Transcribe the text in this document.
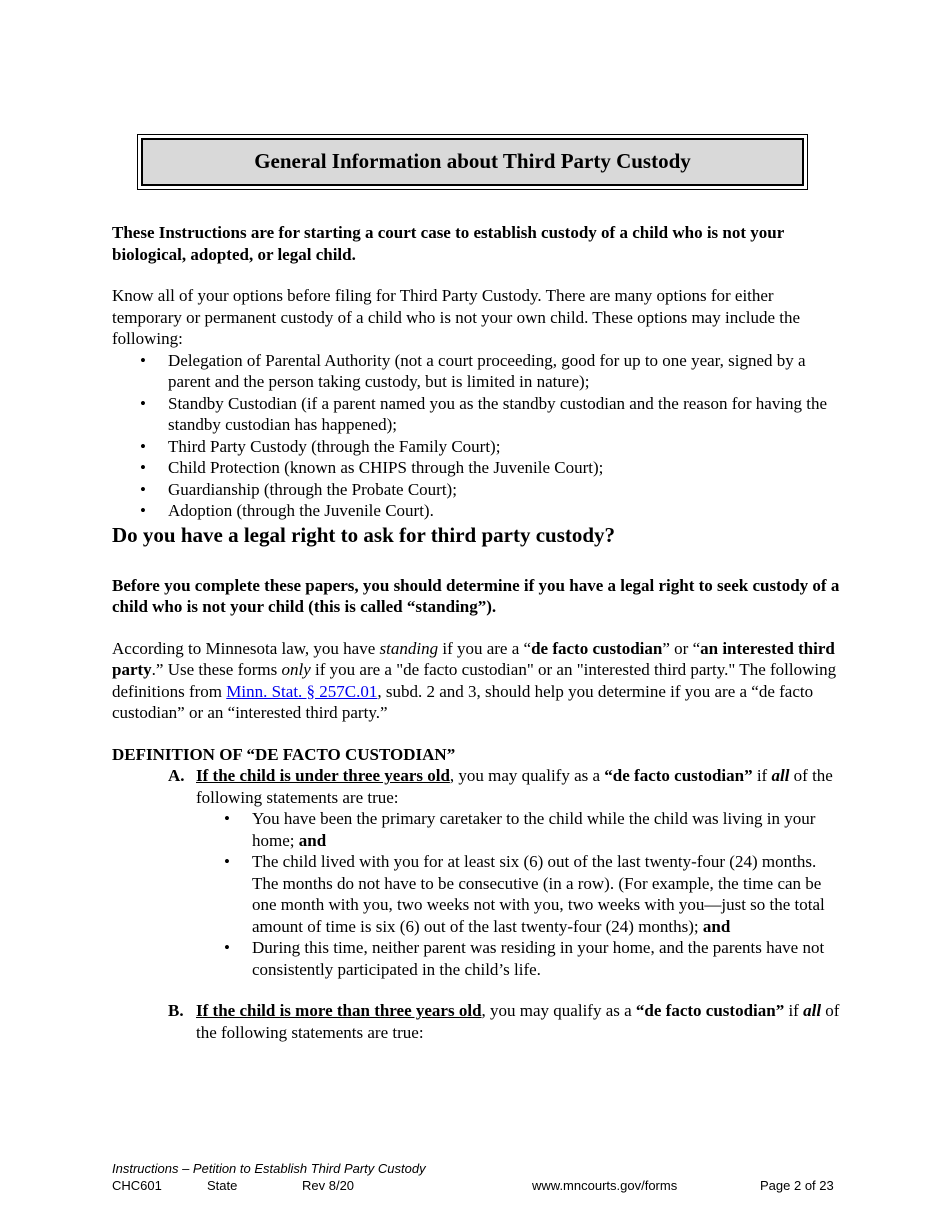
General Information about Third Party Custody

These Instructions are for starting a court case to establish custody of a child who is not your biological, adopted, or legal child.

Know all of your options before filing for Third Party Custody. There are many options for either temporary or permanent custody of a child who is not your own child. These options may include the following:

• Delegation of Parental Authority (not a court proceeding, good for up to one year, signed by a parent and the person taking custody, but is limited in nature);
• Standby Custodian (if a parent named you as the standby custodian and the reason for having the standby custodian has happened);
• Third Party Custody (through the Family Court);
• Child Protection (known as CHIPS through the Juvenile Court);
• Guardianship (through the Probate Court);
• Adoption (through the Juvenile Court).
Do you have a legal right to ask for third party custody?

Before you complete these papers, you should determine if you have a legal right to seek custody of a child who is not your child (this is called “standing”).

According to Minnesota law, you have standing if you are a “de facto custodian” or “an interested third party.” Use these forms only if you are a "de facto custodian" or an "interested third party." The following definitions from Minn. Stat. § 257C.01, subd. 2 and 3, should help you determine if you are a “de facto custodian” or an “interested third party.”

DEFINITION OF “DE FACTO CUSTODIAN”

A. If the child is under three years old, you may qualify as a “de facto custodian” if all of the following statements are true:
• You have been the primary caretaker to the child while the child was living in your home; and
• The child lived with you for at least six (6) out of the last twenty-four (24) months. The months do not have to be consecutive (in a row). (For example, the time can be one month with you, two weeks not with you, two weeks with you—just so the total amount of time is six (6) out of the last twenty-four (24) months); and
• During this time, neither parent was residing in your home, and the parents have not consistently participated in the child’s life.
B. If the child is more than three years old, you may qualify as a “de facto custodian” if all of the following statements are true:
Instructions – Petition to Establish Third Party Custody
CHC601	State	Rev 8/20	www.mncourts.gov/forms	Page 2 of 23
